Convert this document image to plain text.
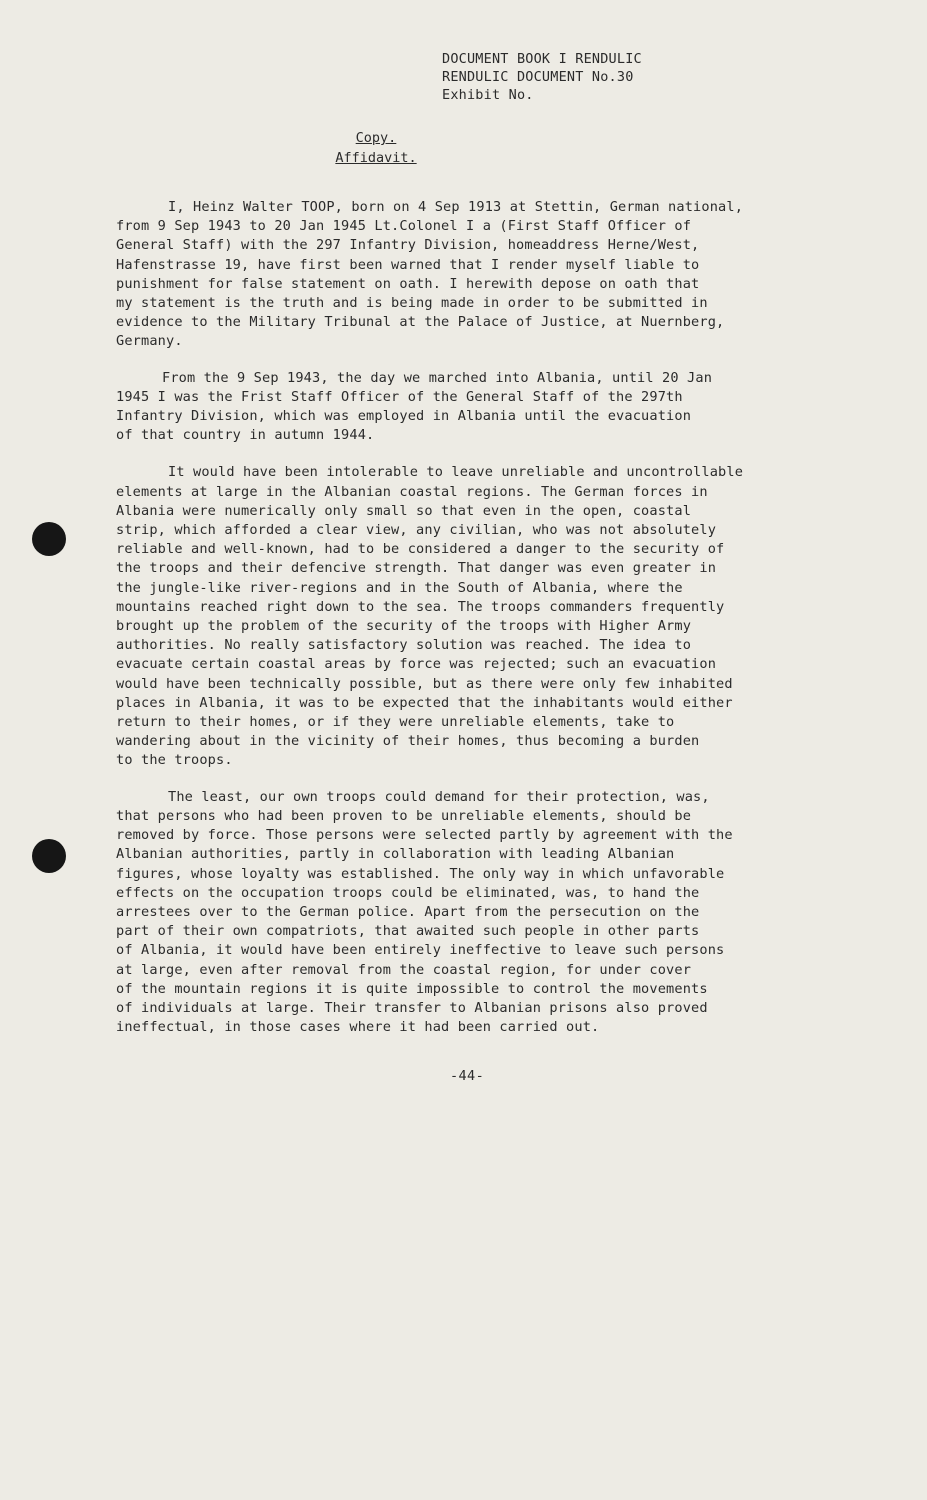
DOCUMENT BOOK I RENDULIC
RENDULIC DOCUMENT No.30
Exhibit No.
Copy.
Affidavit.
I, Heinz Walter TOOP, born on 4 Sep 1913 at Stettin, German national,
from 9 Sep 1943 to 20 Jan 1945 Lt.Colonel I a (First Staff Officer of
General Staff) with the 297 Infantry Division, homeaddress Herne/West,
Hafenstrasse 19, have first been warned that I render myself liable to
punishment for false statement on oath. I herewith depose on oath that
my statement is the truth and is being made in order to be submitted in
evidence to the Military Tribunal at the Palace of Justice, at Nuernberg,
Germany.
From the 9 Sep 1943, the day we marched into Albania, until 20 Jan
1945 I was the Frist Staff Officer of the General Staff of the 297th
Infantry Division, which was employed in Albania until the evacuation
of that country in autumn 1944.
It would have been intolerable to leave unreliable and uncontrollable
elements at large in the Albanian coastal regions. The German forces in
Albania were numerically only small so that even in the open, coastal
strip, which afforded a clear view, any civilian, who was not absolutely
reliable and well-known, had to be considered a danger to the security of
the troops and their defencive strength. That danger was even greater in
the jungle-like river-regions and in the South of Albania, where the
mountains reached right down to the sea. The troops commanders frequently
brought up the problem of the security of the troops with Higher Army
authorities. No really satisfactory solution was reached. The idea to
evacuate certain coastal areas by force was rejected; such an evacuation
would have been technically possible, but as there were only few inhabited
places in Albania, it was to be expected that the inhabitants would either
return to their homes, or if they were unreliable elements, take to
wandering about in the vicinity of their homes, thus becoming a burden
to the troops.
The least, our own troops could demand for their protection, was,
that persons who had been proven to be unreliable elements, should be
removed by force. Those persons were selected partly by agreement with the
Albanian authorities, partly in collaboration with leading Albanian
figures, whose loyalty was established. The only way in which unfavorable
effects on the occupation troops could be eliminated, was, to hand the
arrestees over to the German police. Apart from the persecution on the
part of their own compatriots, that awaited such people in other parts
of Albania, it would have been entirely ineffective to leave such persons
at large, even after removal from the coastal region, for under cover
of the mountain regions it is quite impossible to control the movements
of individuals at large. Their transfer to Albanian prisons also proved
ineffectual, in those cases where it had been carried out.
-44-
